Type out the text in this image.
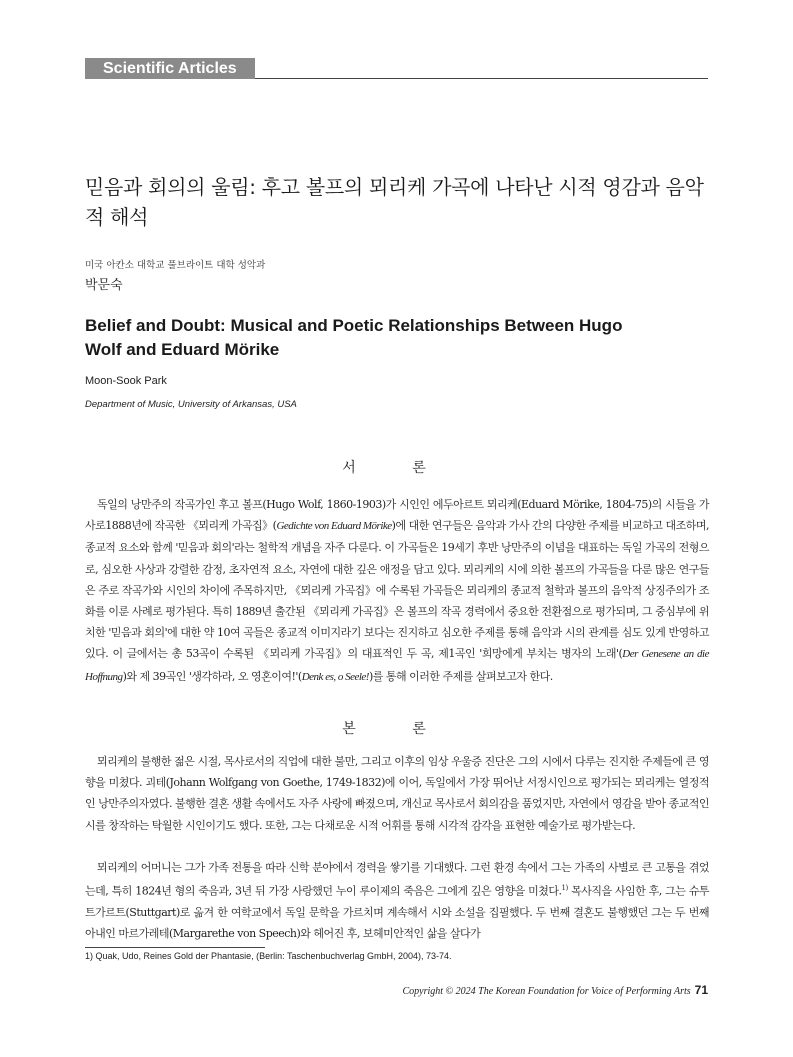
Scientific Articles
믿음과 회의의 울림: 후고 볼프의 뫼리케 가곡에 나타난 시적 영감과 음악적 해석
미국 아칸소 대학교 풀브라이트 대학 성악과
박문숙
Belief and Doubt: Musical and Poetic Relationships Between Hugo Wolf and Eduard Mörike
Moon-Sook Park
Department of Music, University of Arkansas, USA
서 론

독일의 낭만주의 작곡가인 후고 볼프(Hugo Wolf, 1860-1903)가 시인인 에두아르트 뫼리케(Eduard Mörike, 1804-75)의 시들을 가사로1888년에 작곡한 《뫼리케 가곡집》(Gedichte von Eduard Mörike)에 대한 연구들은 음악과 가사 간의 다양한 주제를 비교하고 대조하며, 종교적 요소와 함께 '믿음과 회의'라는 철학적 개념을 자주 다룬다. 이 가곡들은 19세기 후반 낭만주의 이념을 대표하는 독일 가곡의 전형으로, 심오한 사상과 강렬한 감정, 초자연적 요소, 자연에 대한 깊은 애정을 담고 있다. 뫼리케의 시에 의한 볼프의 가곡들을 다룬 많은 연구들은 주로 작곡가와 시인의 차이에 주목하지만, 《뫼리케 가곡집》에 수록된 가곡들은 뫼리케의 종교적 철학과 볼프의 음악적 상징주의가 조화를 이룬 사례로 평가된다. 특히 1889년 출간된 《뫼리케 가곡집》은 볼프의 작곡 경력에서 중요한 전환점으로 평가되며, 그 중심부에 위치한 '믿음과 회의'에 대한 약 10여 곡들은 종교적 이미지라기 보다는 진지하고 심오한 주제를 통해 음악과 시의 관계를 심도 있게 반영하고 있다. 이 글에서는 총 53곡이 수록된 《뫼리케 가곡집》의 대표적인 두 곡, 제1곡인 '희망에게 부치는 병자의 노래'(Der Genesene an die Hoffnung)와 제 39곡인 '생각하라, 오 영혼이여!'(Denk es, o Seele!)를 통해 이러한 주제를 살펴보고자 한다.

본 론

뫼리케의 불행한 젊은 시절, 목사로서의 직업에 대한 불만, 그리고 이후의 임상 우울증 진단은 그의 시에서 다루는 진지한 주제들에 큰 영향을 미쳤다. 괴테(Johann Wolfgang von Goethe, 1749-1832)에 이어, 독일에서 가장 뛰어난 서정시인으로 평가되는 뫼리케는 열정적인 낭만주의자였다. 불행한 결혼 생활 속에서도 자주 사랑에 빠졌으며, 개신교 목사로서 회의감을 품었지만, 자연에서 영감을 받아 종교적인 시를 창작하는 탁월한 시인이기도 했다. 또한, 그는 다채로운 시적 어휘를 통해 시각적 감각을 표현한 예술가로 평가받는다.

뫼리케의 어머니는 그가 가족 전통을 따라 신학 분야에서 경력을 쌓기를 기대했다. 그런 환경 속에서 그는 가족의 사별로 큰 고통을 겪었는데, 특히 1824년 형의 죽음과, 3년 뒤 가장 사랑했던 누이 루이제의 죽음은 그에게 깊은 영향을 미쳤다.$^{1)}$ 목사직을 사임한 후, 그는 슈투트가르트(Stuttgart)로 옮겨 한 여학교에서 독일 문학을 가르치며 계속해서 시와 소설을 집필했다. 두 번째 결혼도 불행했던 그는 두 번째 아내인 마르가레테(Margarethe von Speech)와 헤어진 후, 보헤미안적인 삶을 살다가

1) Quak, Udo, Reines Gold der Phantasie, (Berlin: Taschenbuchverlag GmbH, 2004), 73-74.
Copyright © 2024 The Korean Foundation for Voice of Performing Arts 71
